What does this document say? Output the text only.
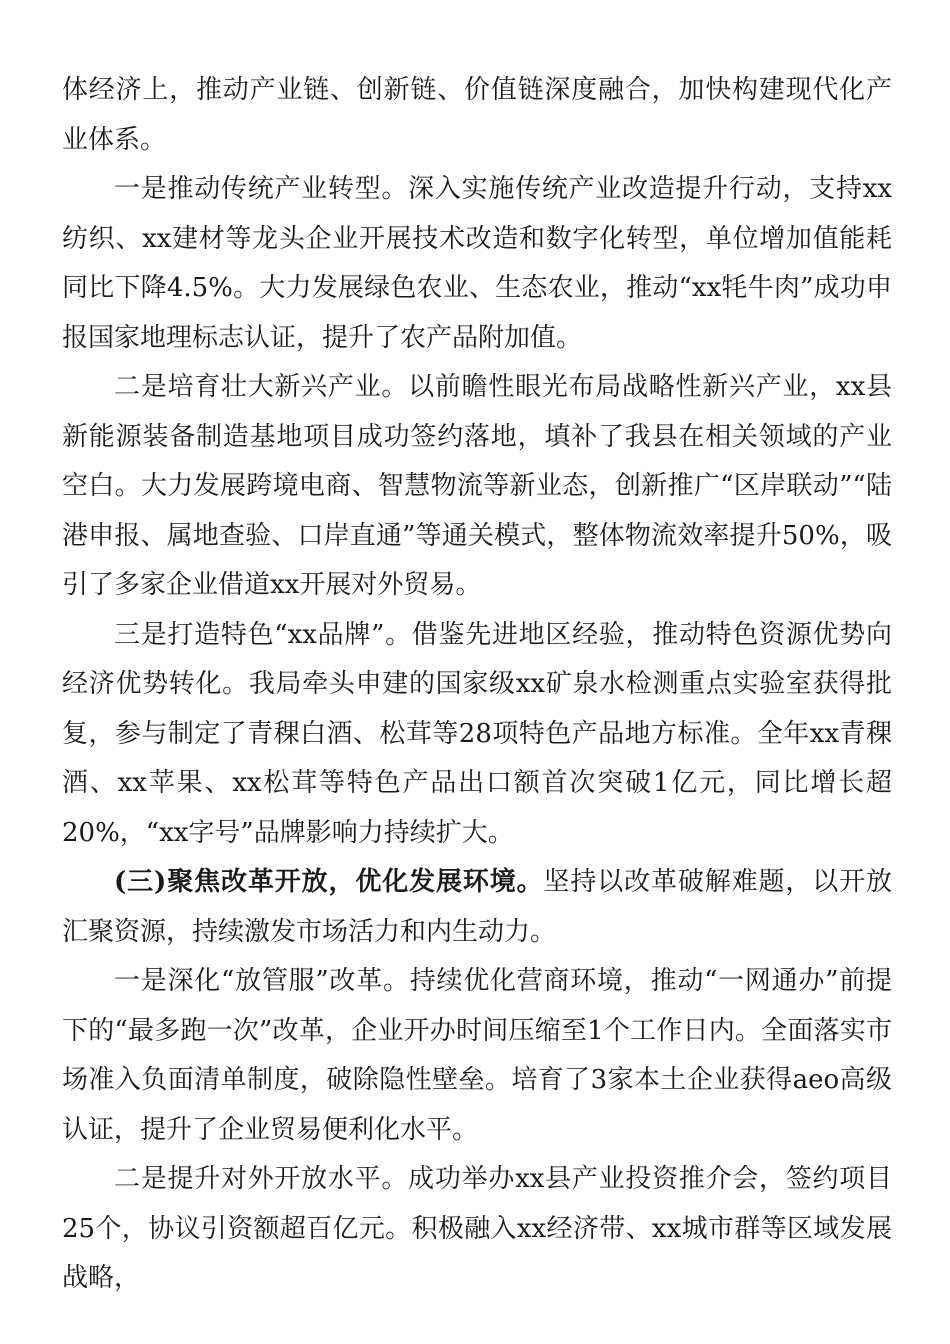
体经济上，推动产业链、创新链、价值链深度融合，加快构建现代化产业体系。

一是推动传统产业转型。深入实施传统产业改造提升行动，支持xx纺织、xx建材等龙头企业开展技术改造和数字化转型，单位增加值能耗同比下降4.5%。大力发展绿色农业、生态农业，推动“xx牦牛肉”成功申报国家地理标志认证，提升了农产品附加值。

二是培育壮大新兴产业。以前瞻性眼光布局战略性新兴产业，xx县新能源装备制造基地项目成功签约落地，填补了我县在相关领域的产业空白。大力发展跨境电商、智慧物流等新业态，创新推广“区岸联动”“陆港申报、属地查验、口岸直通”等通关模式，整体物流效率提升50%，吸引了多家企业借道xx开展对外贸易。

三是打造特色“xx品牌”。借鉴先进地区经验，推动特色资源优势向经济优势转化。我局牵头申建的国家级xx矿泉水检测重点实验室获得批复，参与制定了青稞白酒、松茸等28项特色产品地方标准。全年xx青稞酒、xx苹果、xx松茸等特色产品出口额首次突破1亿元，同比增长超20%，“xx字号”品牌影响力持续扩大。

(三)聚焦改革开放，优化发展环境。坚持以改革破解难题，以开放汇聚资源，持续激发市场活力和内生动力。

一是深化“放管服”改革。持续优化营商环境，推动“一网通办”前提下的“最多跑一次”改革，企业开办时间压缩至1个工作日内。全面落实市场准入负面清单制度，破除隐性壁垒。培育了3家本土企业获得aeo高级认证，提升了企业贸易便利化水平。

二是提升对外开放水平。成功举办xx县产业投资推介会，签约项目25个，协议引资额超百亿元。积极融入xx经济带、xx城市群等区域发展战略，
